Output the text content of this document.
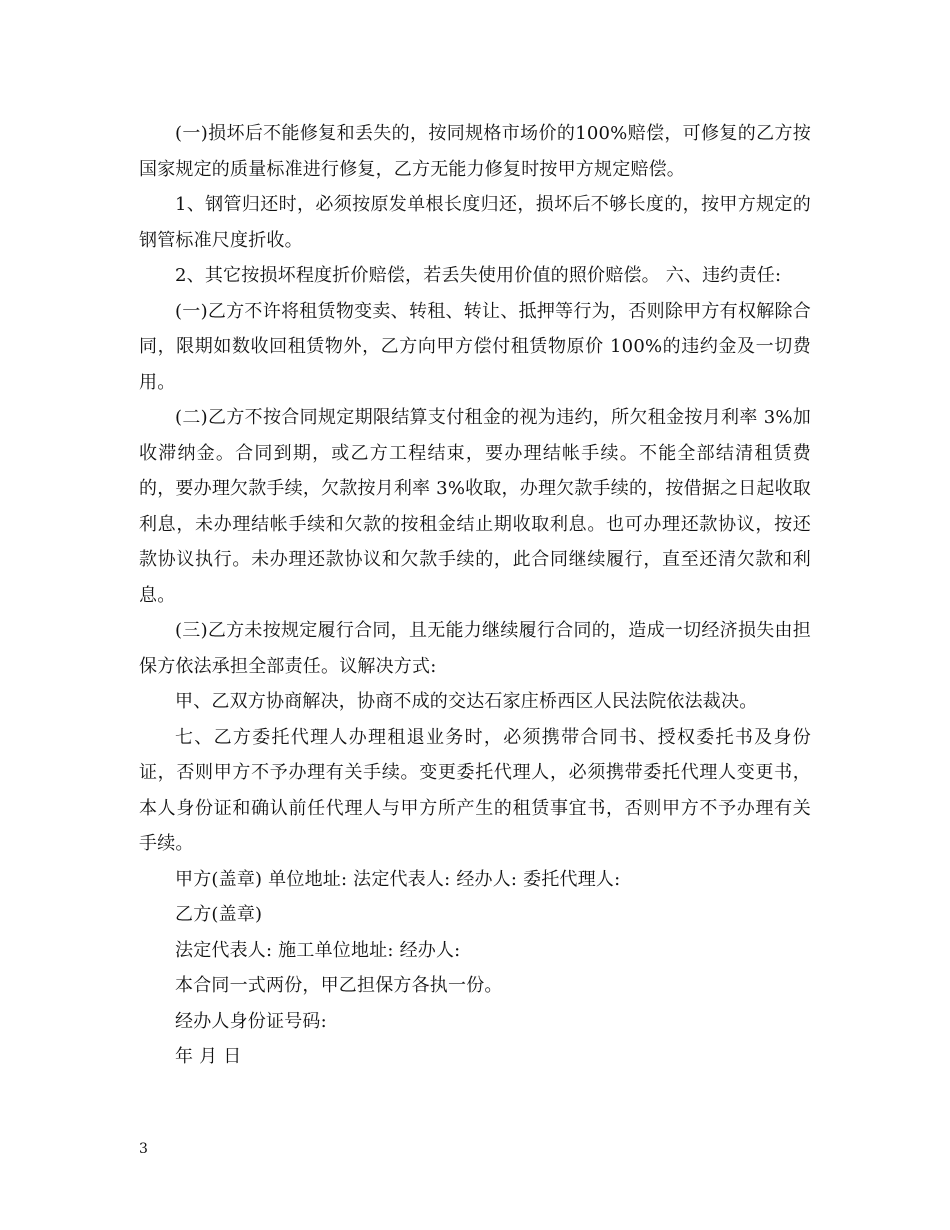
(一)损坏后不能修复和丢失的，按同规格市场价的100%赔偿，可修复的乙方按国家规定的质量标准进行修复，乙方无能力修复时按甲方规定赔偿。

1、钢管归还时，必须按原发单根长度归还，损坏后不够长度的，按甲方规定的钢管标准尺度折收。

2、其它按损坏程度折价赔偿，若丢失使用价值的照价赔偿。 六、违约责任:

(一)乙方不许将租赁物变卖、转租、转让、抵押等行为，否则除甲方有权解除合同，限期如数收回租赁物外，乙方向甲方偿付租赁物原价 100%的违约金及一切费用。

(二)乙方不按合同规定期限结算支付租金的视为违约，所欠租金按月利率 3%加收滞纳金。合同到期，或乙方工程结束，要办理结帐手续。不能全部结清租赁费的，要办理欠款手续，欠款按月利率 3%收取，办理欠款手续的，按借据之日起收取利息，未办理结帐手续和欠款的按租金结止期收取利息。也可办理还款协议，按还款协议执行。未办理还款协议和欠款手续的，此合同继续履行，直至还清欠款和利息。

(三)乙方未按规定履行合同，且无能力继续履行合同的，造成一切经济损失由担保方依法承担全部责任。议解决方式:

甲、乙双方协商解决，协商不成的交达石家庄桥西区人民法院依法裁决。

七、乙方委托代理人办理租退业务时，必须携带合同书、授权委托书及身份证，否则甲方不予办理有关手续。变更委托代理人，必须携带委托代理人变更书，本人身份证和确认前任代理人与甲方所产生的租赁事宜书，否则甲方不予办理有关手续。

甲方(盖章) 单位地址: 法定代表人: 经办人: 委托代理人:

乙方(盖章)

法定代表人: 施工单位地址: 经办人:

本合同一式两份，甲乙担保方各执一份。

经办人身份证号码:

年 月 日

3
